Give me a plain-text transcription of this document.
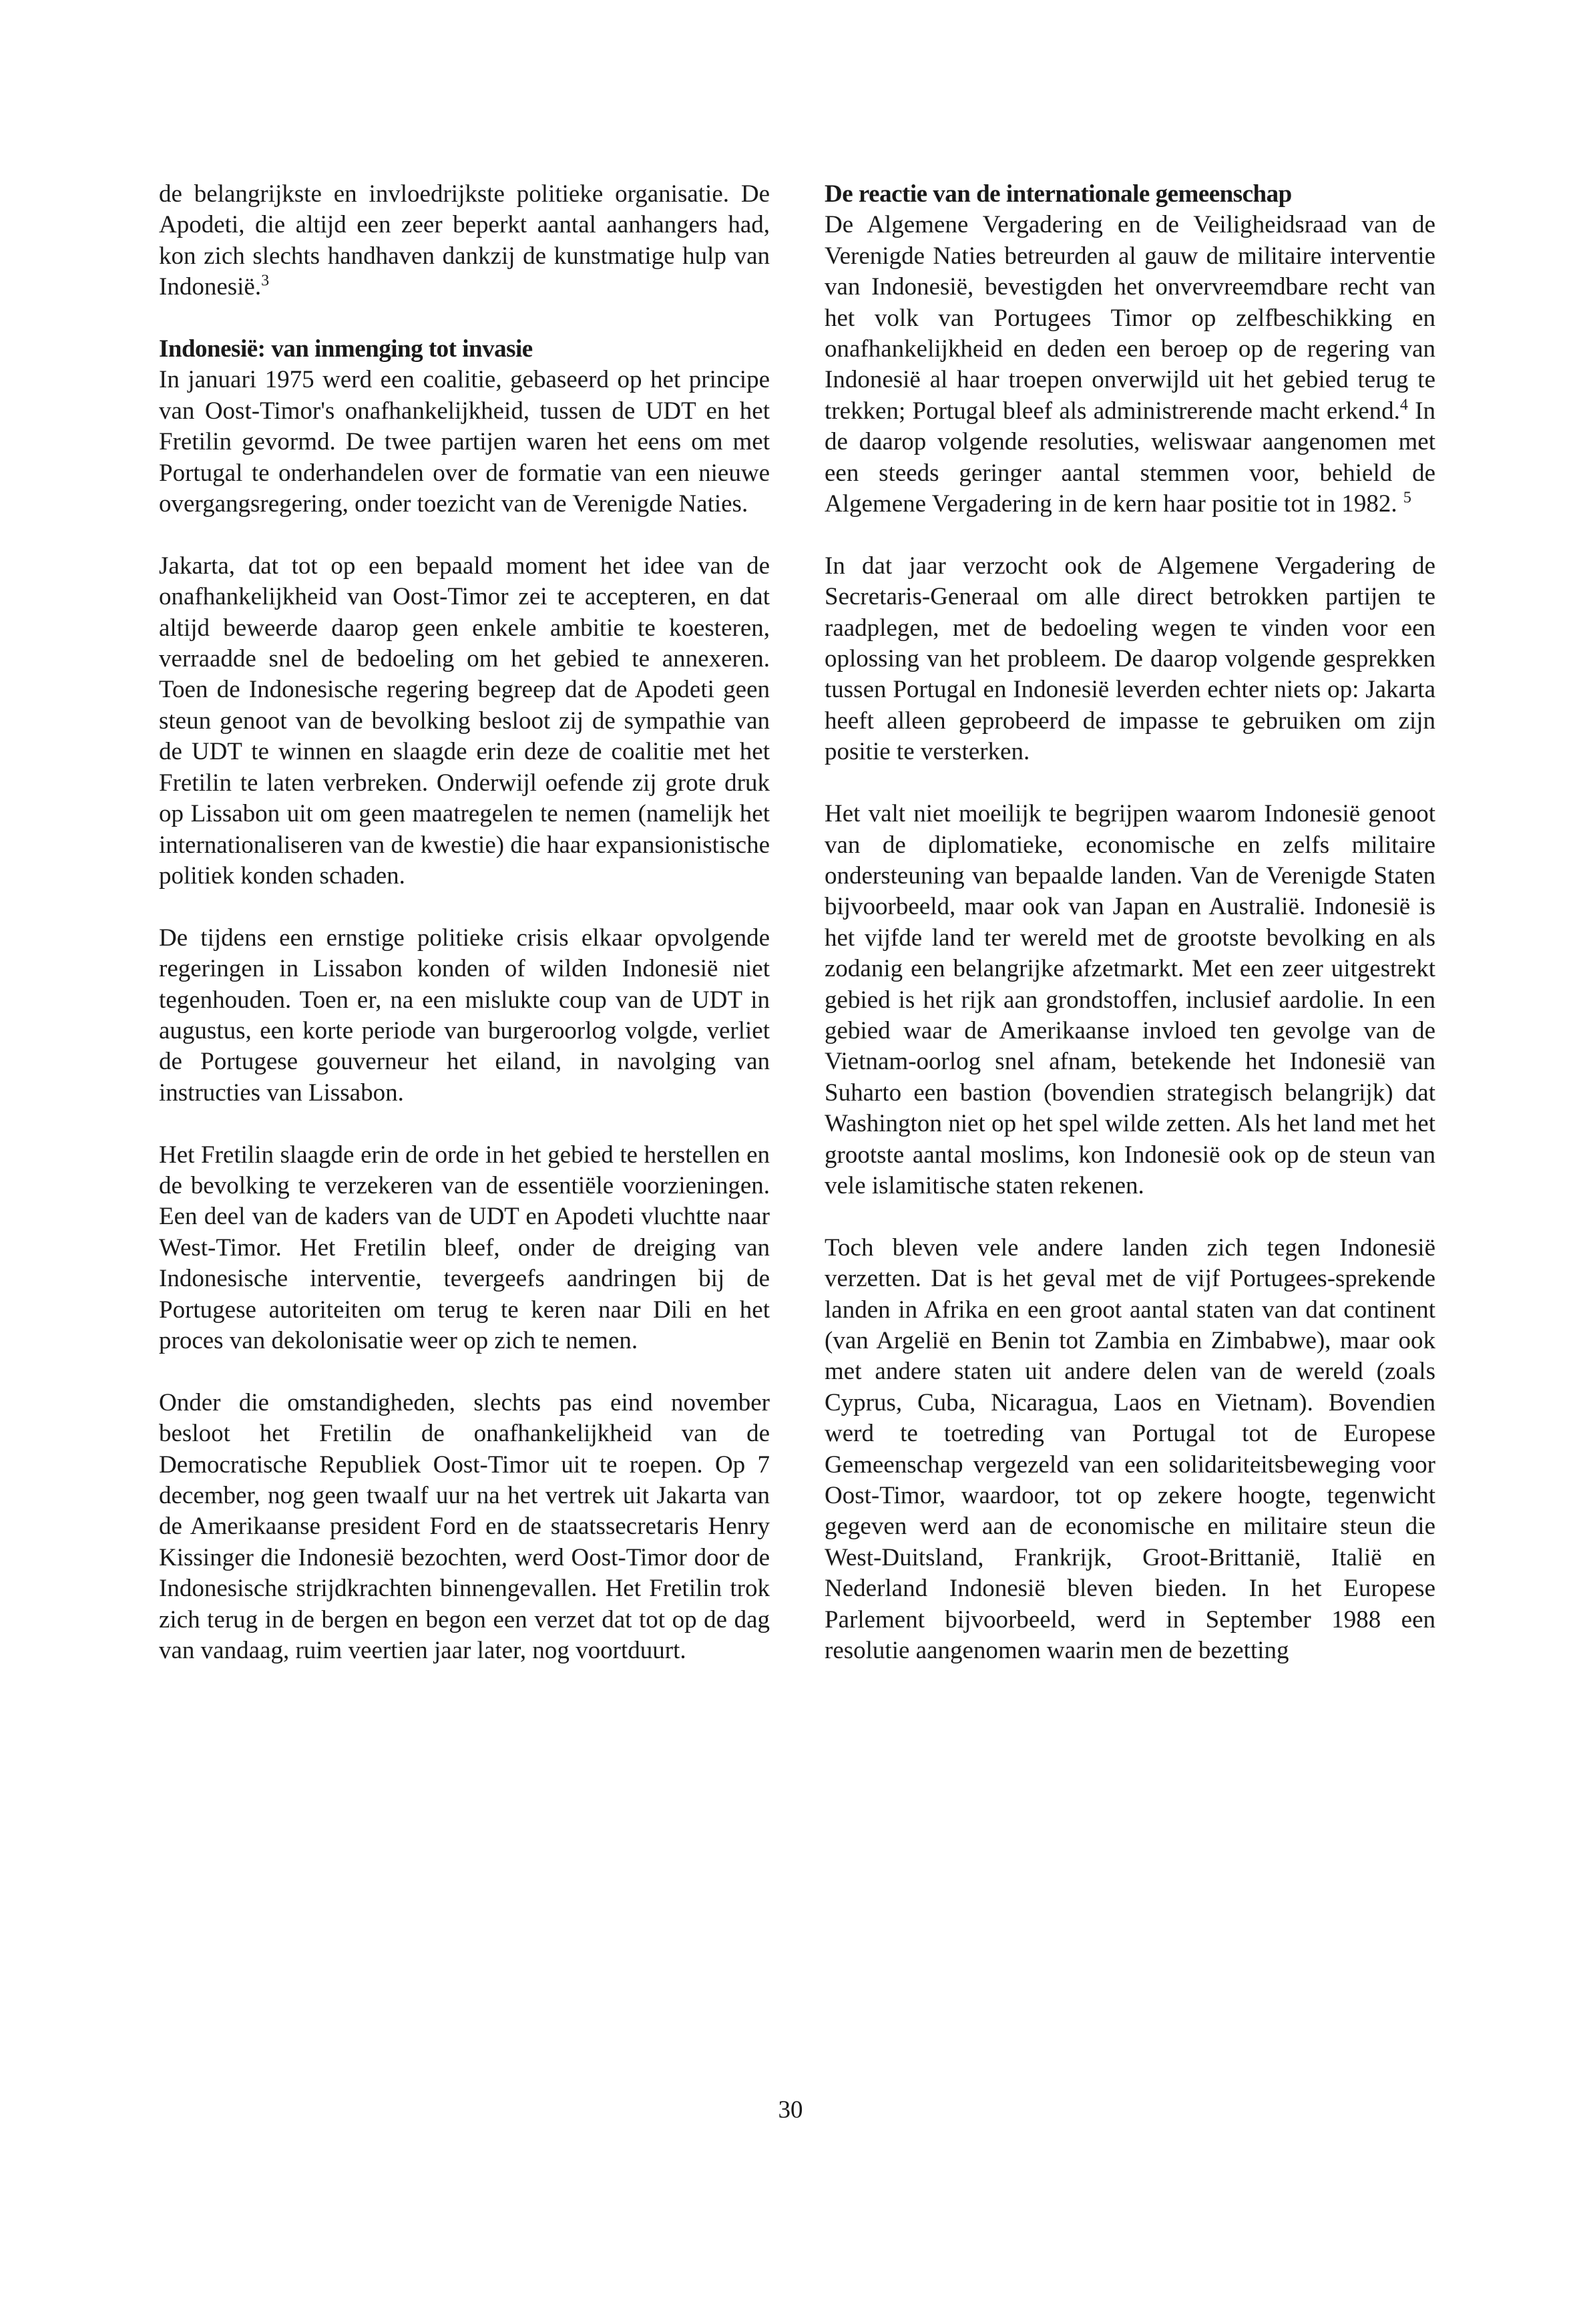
de belangrijkste en invloedrijkste politieke organisatie. De Apodeti, die altijd een zeer beperkt aantal aanhangers had, kon zich slechts handhaven dankzij de kunstmatige hulp van Indonesië.$^3$

Indonesië: van inmenging tot invasie

In januari 1975 werd een coalitie, gebaseerd op het principe van Oost-Timor's onafhankelijkheid, tussen de UDT en het Fretilin gevormd. De twee partijen waren het eens om met Portugal te onderhandelen over de formatie van een nieuwe overgangsregering, onder toezicht van de Verenigde Naties.

Jakarta, dat tot op een bepaald moment het idee van de onafhankelijkheid van Oost-Timor zei te accepteren, en dat altijd beweerde daarop geen enkele ambitie te koesteren, verraadde snel de bedoeling om het gebied te annexeren. Toen de Indonesische regering begreep dat de Apodeti geen steun genoot van de bevolking besloot zij de sympathie van de UDT te winnen en slaagde erin deze de coalitie met het Fretilin te laten verbreken. Onderwijl oefende zij grote druk op Lissabon uit om geen maatregelen te nemen (namelijk het internationaliseren van de kwestie) die haar expansionistische politiek konden schaden.

De tijdens een ernstige politieke crisis elkaar opvolgende regeringen in Lissabon konden of wilden Indonesië niet tegenhouden. Toen er, na een mislukte coup van de UDT in augustus, een korte periode van burgeroorlog volgde, verliet de Portugese gouverneur het eiland, in navolging van instructies van Lissabon.

Het Fretilin slaagde erin de orde in het gebied te herstellen en de bevolking te verzekeren van de essentiële voorzieningen. Een deel van de kaders van de UDT en Apodeti vluchtte naar West-Timor. Het Fretilin bleef, onder de dreiging van Indonesische interventie, tevergeefs aandringen bij de Portugese autoriteiten om terug te keren naar Dili en het proces van dekolonisatie weer op zich te nemen.

Onder die omstandigheden, slechts pas eind november besloot het Fretilin de onafhankelijkheid van de Democratische Republiek Oost-Timor uit te roepen. Op 7 december, nog geen twaalf uur na het vertrek uit Jakarta van de Amerikaanse president Ford en de staatssecretaris Henry Kissinger die Indonesië bezochten, werd Oost-Timor door de Indonesische strijdkrachten binnengevallen. Het Fretilin trok zich terug in de bergen en begon een verzet dat tot op de dag van vandaag, ruim veertien jaar later, nog voortduurt.

De reactie van de internationale gemeenschap

De Algemene Vergadering en de Veiligheidsraad van de Verenigde Naties betreurden al gauw de militaire interventie van Indonesië, bevestigden het onvervreemdbare recht van het volk van Portugees Timor op zelfbeschikking en onafhankelijkheid en deden een beroep op de regering van Indonesië al haar troepen onverwijld uit het gebied terug te trekken; Portugal bleef als administrerende macht erkend.$^4$ In de daarop volgende resoluties, weliswaar aangenomen met een steeds geringer aantal stemmen voor, behield de Algemene Vergadering in de kern haar positie tot in 1982. $^5$

In dat jaar verzocht ook de Algemene Vergadering de Secretaris-Generaal om alle direct betrokken partijen te raadplegen, met de bedoeling wegen te vinden voor een oplossing van het probleem. De daarop volgende gesprekken tussen Portugal en Indonesië leverden echter niets op: Jakarta heeft alleen geprobeerd de impasse te gebruiken om zijn positie te versterken.

Het valt niet moeilijk te begrijpen waarom Indonesië genoot van de diplomatieke, economische en zelfs militaire ondersteuning van bepaalde landen. Van de Verenigde Staten bijvoorbeeld, maar ook van Japan en Australië. Indonesië is het vijfde land ter wereld met de grootste bevolking en als zodanig een belangrijke afzetmarkt. Met een zeer uitgestrekt gebied is het rijk aan grondstoffen, inclusief aardolie. In een gebied waar de Amerikaanse invloed ten gevolge van de Vietnam-oorlog snel afnam, betekende het Indonesië van Suharto een bastion (bovendien strategisch belangrijk) dat Washington niet op het spel wilde zetten. Als het land met het grootste aantal moslims, kon Indonesië ook op de steun van vele islamitische staten rekenen.

Toch bleven vele andere landen zich tegen Indonesië verzetten. Dat is het geval met de vijf Portugees-sprekende landen in Afrika en een groot aantal staten van dat continent (van Argelië en Benin tot Zambia en Zimbabwe), maar ook met andere staten uit andere delen van de wereld (zoals Cyprus, Cuba, Nicaragua, Laos en Vietnam). Bovendien werd te toetreding van Portugal tot de Europese Gemeenschap vergezeld van een solidariteitsbeweging voor Oost-Timor, waardoor, tot op zekere hoogte, tegenwicht gegeven werd aan de economische en militaire steun die West-Duitsland, Frankrijk, Groot-Brittanië, Italië en Nederland Indonesië bleven bieden. In het Europese Parlement bijvoorbeeld, werd in September 1988 een resolutie aangenomen waarin men de bezetting

30
